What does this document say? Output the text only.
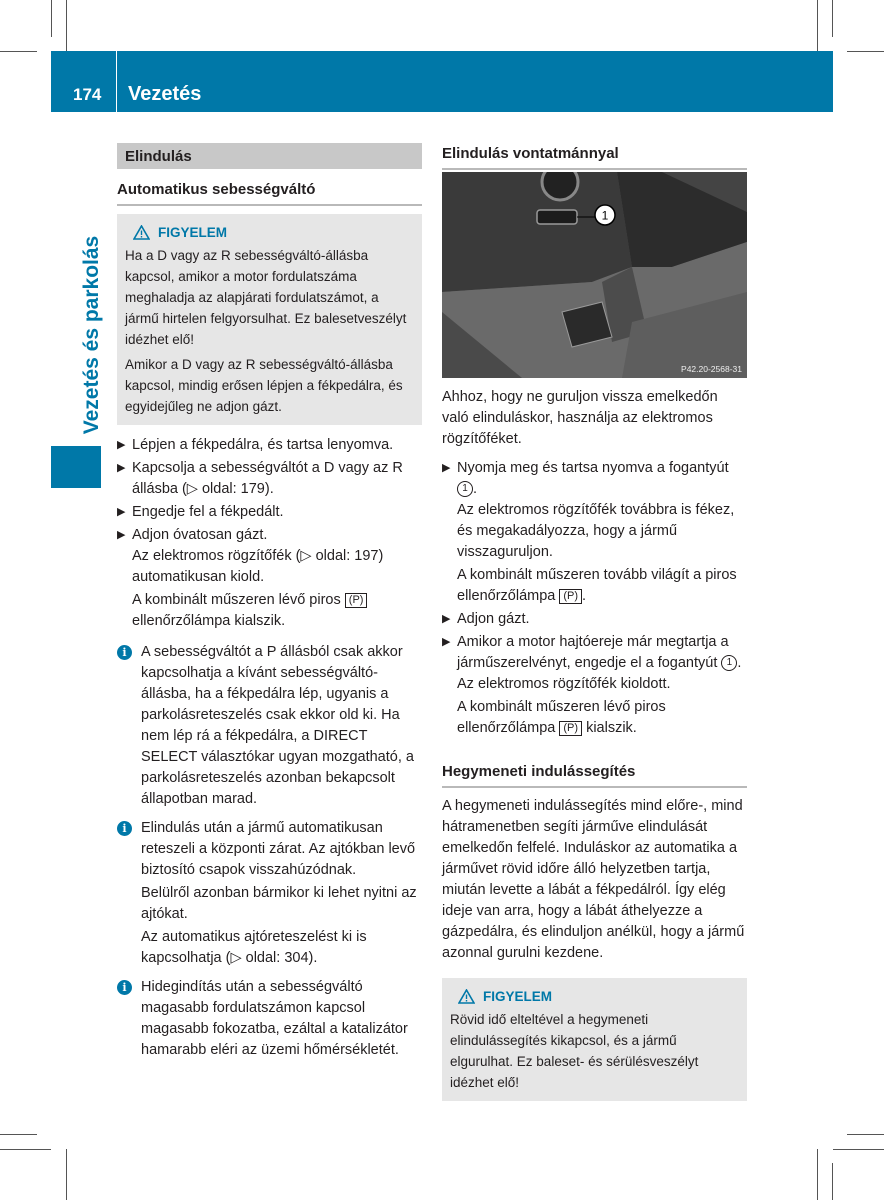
174 Vezetés
Vezetés és parkolás
Elindulás
Automatikus sebességváltó
FIGYELEM

Ha a D vagy az R sebességváltó-állásba kapcsol, amikor a motor fordulatszáma meghaladja az alapjárati fordulatszámot, a jármű hirtelen felgyorsulhat. Ez balesetveszélyt idézhet elő!

Amikor a D vagy az R sebességváltó-állásba kapcsol, mindig erősen lépjen a fékpedálra, és egyidejűleg ne adjon gázt.

▶ Lépjen a fékpedálra, és tartsa lenyomva.
▶ Kapcsolja a sebességváltót a D vagy az R állásba (▷ oldal: 179).
▶ Engedje fel a fékpedált.
▶ Adjon óvatosan gázt.

Az elektromos rögzítőfék (▷ oldal: 197) automatikusan kiold.

A kombinált műszeren lévő piros (P)
ellenőrzőlámpa kialszik.

i A sebességváltót a P állásból csak akkor kapcsolhatja a kívánt sebességváltó-állásba, ha a fékpedálra lép, ugyanis a parkolásreteszelés csak ekkor old ki. Ha nem lép rá a fékpedálra, a DIRECT SELECT választókar ugyan mozgatható, a parkolásreteszelés azonban bekapcsolt állapotban marad.

i Elindulás után a jármű automatikusan reteszeli a központi zárat. Az ajtókban levő biztosító csapok visszahúzódnak.

Belülről azonban bármikor ki lehet nyitni az ajtókat.

Az automatikus ajtóreteszelést ki is kapcsolhatja (▷ oldal: 304).

i Hidegindítás után a sebességváltó magasabb fordulatszámon kapcsol magasabb fokozatba, ezáltal a katalizátor hamarabb eléri az üzemi hőmérsékletét.

Elindulás vontatmánnyal
1
P42.20-2568-31

Ahhoz, hogy ne guruljon vissza emelkedőn való elinduláskor, használja az elektromos rögzítőféket.

▶ Nyomja meg és tartsa nyomva a fogantyút 1 .

Az elektromos rögzítőfék továbbra is fékez, és megakadályozza, hogy a jármű visszaguruljon.

A kombinált műszeren tovább világít a piros ellenőrzőlámpa (P) .

▶ Adjon gázt.
▶ Amikor a motor hajtóereje már megtartja a járműszerelvényt, engedje el a fogantyút 1 .

Az elektromos rögzítőfék kioldott.

A kombinált műszeren lévő piros ellenőrzőlámpa (P) kialszik.

Hegymeneti indulássegítés

A hegymeneti indulássegítés mind előre-, mind hátramenetben segíti járműve elindulását emelkedőn felfelé. Induláskor az automatika a járművet rövid időre álló helyzetben tartja, miután levette a lábát a fékpedálról. Így elég ideje van arra, hogy a lábát áthelyezze a gázpedálra, és elinduljon anélkül, hogy a jármű azonnal gurulni kezdene.

FIGYELEM

Rövid idő elteltével a hegymeneti elindulássegítés kikapcsol, és a jármű elgurulhat. Ez baleset- és sérülésveszélyt idézhet elő!
